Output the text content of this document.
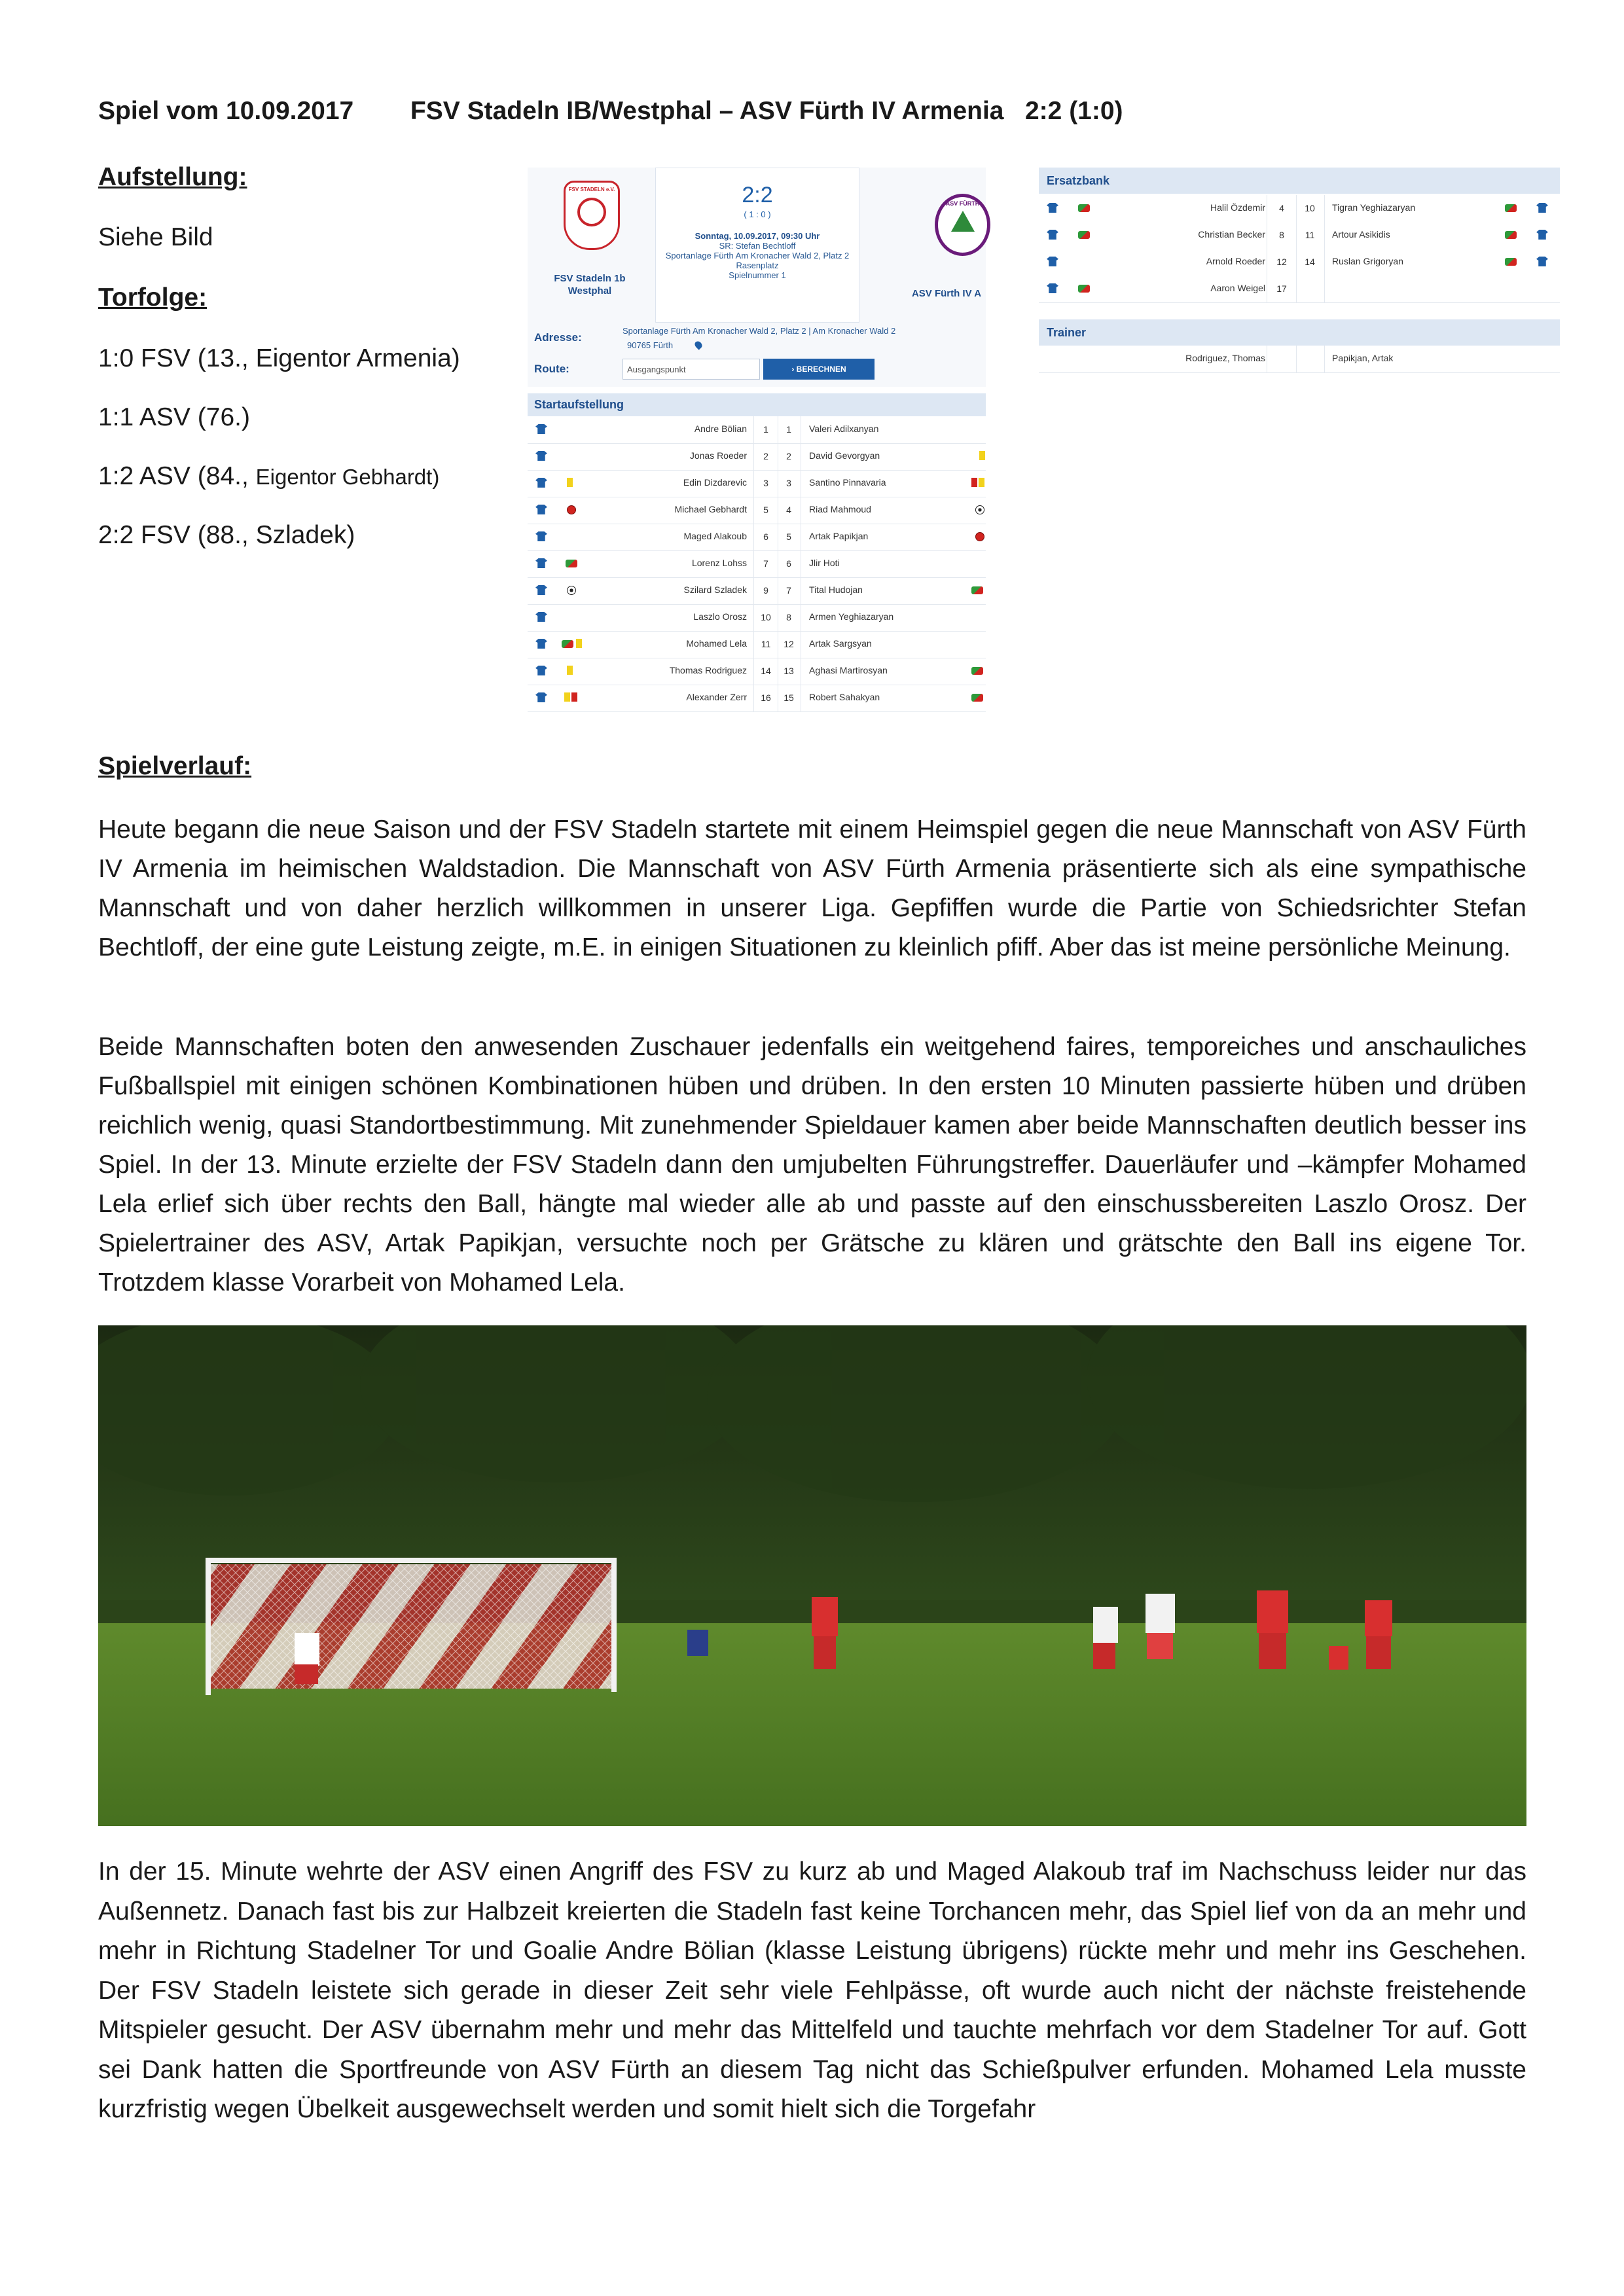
Spiel vom 10.09.2017        FSV Stadeln IB/Westphal – ASV Fürth IV Armenia   2:2 (1:0)
Aufstellung:
Siehe Bild
Torfolge:
1:0 FSV (13., Eigentor Armenia)
1:1 ASV (76.)
1:2 ASV (84., Eigentor Gebhardt)
2:2 FSV (88., Szladek)
FSV STADELN e.V.
FSV Stadeln 1b Westphal
ASV FÜRTH
ASV Fürth IV A
2:2
( 1 : 0 )
Sonntag, 10.09.2017, 09:30 Uhr
SR: Stefan Bechtloff
Sportanlage Fürth Am Kronacher Wald 2, Platz 2
Rasenplatz
Spielnummer 1
Adresse:
Sportanlage Fürth Am Kronacher Wald 2, Platz 2 | Am Kronacher Wald 2
90765 Fürth
Route:	Ausgangspunkt	› BERECHNEN
Startaufstellung
Andre Bölian	1	1	Valeri Adilxanyan
Jonas Roeder	2	2	David Gevorgyan
Edin Dizdarevic	3	3	Santino Pinnavaria
Michael Gebhardt	5	4	Riad Mahmoud
Maged Alakoub	6	5	Artak Papikjan
Lorenz Lohss	7	6	Jlir Hoti
Szilard Szladek	9	7	Tital Hudojan
Laszlo Orosz	10	8	Armen Yeghiazaryan
Mohamed Lela	11	12	Artak Sargsyan
Thomas Rodriguez	14	13	Aghasi Martirosyan
Alexander Zerr	16	15	Robert Sahakyan
Ersatzbank
Halil Özdemir	4	10	Tigran Yeghiazaryan
Christian Becker	8	11	Artour Asikidis
Arnold Roeder	12	14	Ruslan Grigoryan
Aaron Weigel	17
Trainer
Rodriguez, Thomas	Papikjan, Artak
Spielverlauf:
Heute begann die neue Saison und der FSV Stadeln startete mit einem Heimspiel gegen die neue Mannschaft von ASV Fürth IV Armenia im heimischen Waldstadion. Die Mannschaft von ASV Fürth Armenia präsentierte sich als eine sympathische Mannschaft und von daher herzlich willkommen in unserer Liga. Gepfiffen wurde die Partie von Schiedsrichter Stefan Bechtloff, der eine gute Leistung zeigte, m.E. in einigen Situationen zu kleinlich pfiff. Aber das ist meine persönliche Meinung.
Beide Mannschaften boten den anwesenden Zuschauer jedenfalls ein weitgehend faires, temporeiches und anschauliches Fußballspiel mit einigen schönen Kombinationen hüben und drüben. In den ersten 10 Minuten passierte hüben und drüben reichlich wenig, quasi Standortbestimmung. Mit zunehmender Spieldauer kamen aber beide Mannschaften deutlich besser ins Spiel. In der 13. Minute erzielte der FSV Stadeln dann den umjubelten Führungstreffer. Dauerläufer und –kämpfer Mohamed Lela erlief sich über rechts den Ball, hängte mal wieder alle ab und passte auf den einschussbereiten Laszlo Orosz. Der Spielertrainer des ASV, Artak Papikjan, versuchte noch per Grätsche zu klären und grätschte den Ball ins eigene Tor. Trotzdem klasse Vorarbeit von Mohamed Lela.
In der 15. Minute wehrte der ASV einen Angriff des FSV zu kurz ab und Maged Alakoub traf im Nachschuss leider nur das Außennetz. Danach fast bis zur Halbzeit kreierten die Stadeln fast keine Torchancen mehr, das Spiel lief von da an mehr und mehr in Richtung Stadelner Tor und Goalie Andre Bölian (klasse Leistung übrigens) rückte mehr und mehr ins Geschehen. Der FSV Stadeln leistete sich gerade in dieser Zeit sehr viele Fehlpässe, oft wurde auch nicht der nächste freistehende Mitspieler gesucht. Der ASV übernahm mehr und mehr das Mittelfeld und tauchte mehrfach vor dem Stadelner Tor auf. Gott sei Dank hatten die Sportfreunde von ASV Fürth an diesem Tag nicht das Schießpulver erfunden. Mohamed Lela musste kurzfristig wegen Übelkeit ausgewechselt werden und somit hielt sich die Torgefahr
